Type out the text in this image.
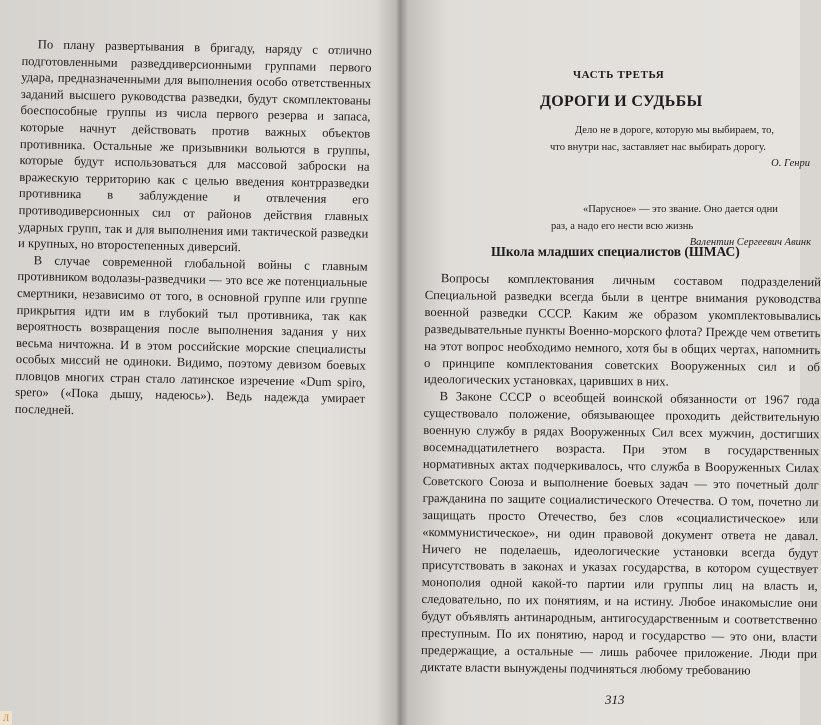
По плану развертывания в бригаду, наряду с отлично подготовленными разведдиверсионными группами первого удара, предназначенными для выполнения особо ответственных заданий высшего руководства разведки, будут скомплектованы боеспособные группы из числа первого резерва и запаса, которые начнут действовать против важных объектов противника. Остальные же призывники вольются в группы, которые будут использоваться для массовой заброски на вражескую территорию как с целью введения контрразведки противника в заблуждение и отвлечения его противодиверсионных сил от районов действия главных ударных групп, так и для выполнения ими тактической разведки и крупных, но второстепенных диверсий.

В случае современной глобальной войны с главным противником водолазы-разведчики — это все же потенциальные смертники, независимо от того, в основной группе или группе прикрытия идти им в глубокий тыл противника, так как вероятность возвращения после выполнения задания у них весьма ничтожна. И в этом российские морские специалисты особых миссий не одиноки. Видимо, поэтому девизом боевых пловцов многих стран стало латинское изречение «Dum spiro, spero» («Пока дышу, надеюсь»). Ведь надежда умирает последней.

ЧАСТЬ ТРЕТЬЯ
ДОРОГИ И СУДЬБЫ
Дело не в дороге, которую мы выбираем, то,
что внутри нас, заставляет нас выбирать дорогу.
О. Генри
«Парусное» — это звание. Оно дается одни
раз, а надо его нести всю жизнь
Валентин Сергеевич Авинк
Школа младших специалистов (ШМАС)

Вопросы комплектования личным составом подразделений Специальной разведки всегда были в центре внимания руководства военной разведки СССР. Каким же образом укомплектовывались разведывательные пункты Военно-морского флота? Прежде чем ответить на этот вопрос необходимо немного, хотя бы в общих чертах, напомнить о принципе комплектования советских Вооруженных сил и об идеологических установках, царивших в них.

В Законе СССР о всеобщей воинской обязанности от 1967 года существовало положение, обязывающее проходить действительную военную службу в рядах Вооруженных Сил всех мужчин, достигших восемнадцатилетнего возраста. При этом в государственных нормативных актах подчеркивалось, что служба в Вооруженных Силах Советского Союза и выполнение боевых задач — это почетный долг гражданина по защите социалистического Отечества. О том, почетно ли защищать просто Отечество, без слов «социалистическое» или «коммунистическое», ни один правовой документ ответа не давал. Ничего не поделаешь, идеологические установки всегда будут присутствовать в законах и указах государства, в котором существует монополия одной какой-то партии или группы лиц на власть и, следовательно, по их понятиям, и на истину. Любое инакомыслие они будут объявлять антинародным, антигосударственным и соответственно преступным. По их понятию, народ и государство — это они, власти предержащие, а остальные — лишь рабочее приложение. Люди при диктате власти вынуждены подчиняться любому требованию

313
Л
